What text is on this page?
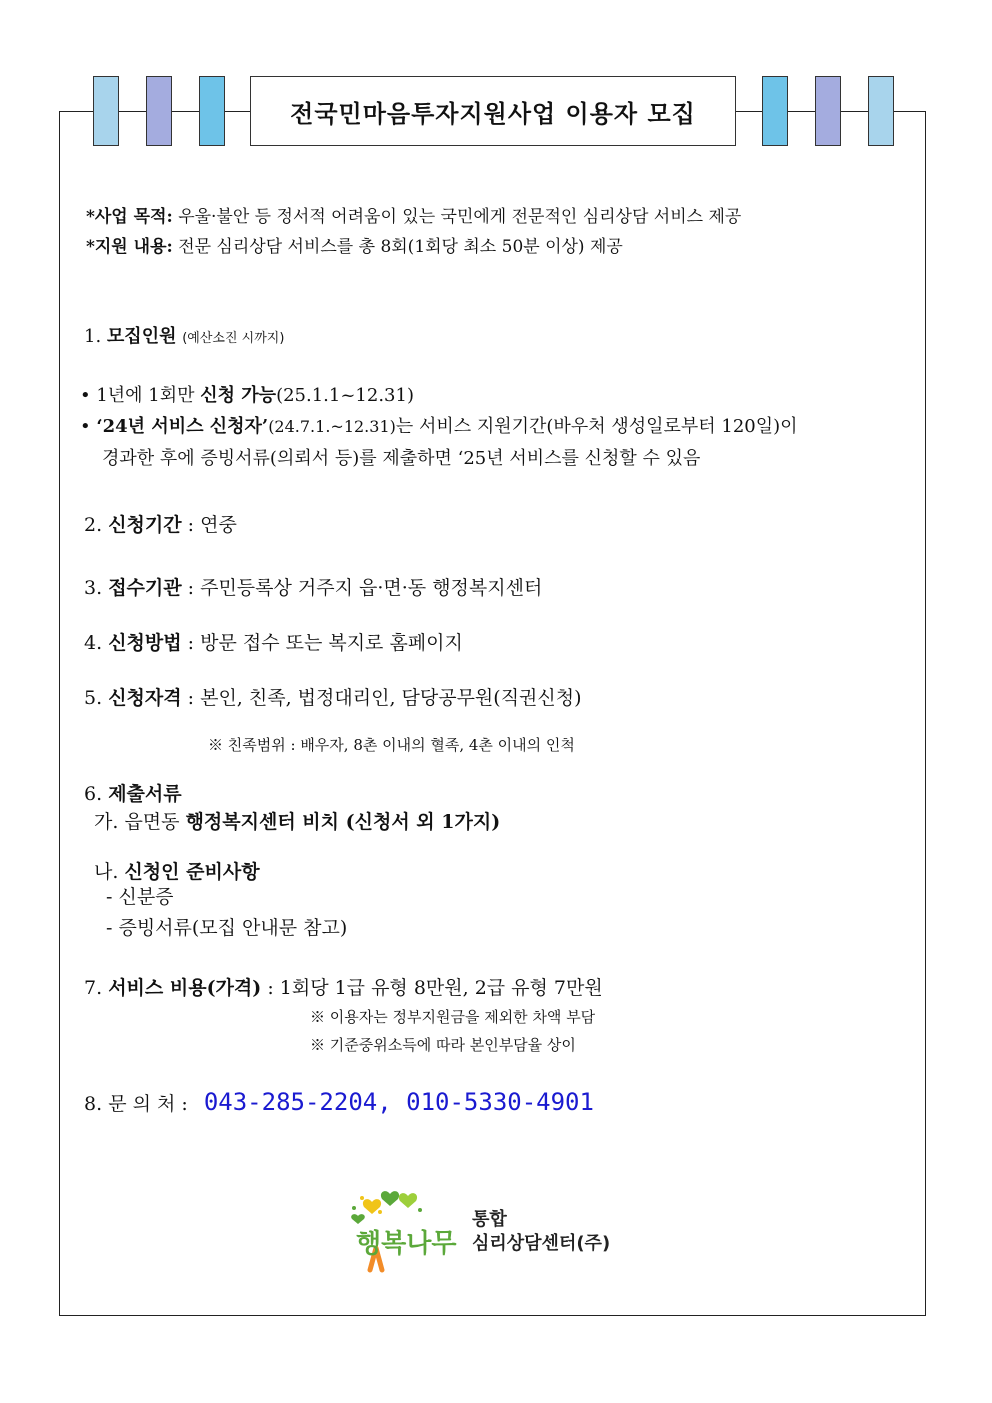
전국민마음투자지원사업 이용자 모집
*사업 목적: 우울·불안 등 정서적 어려움이 있는 국민에게 전문적인 심리상담 서비스 제공
*지원 내용: 전문 심리상담 서비스를 총 8회(1회당 최소 50분 이상) 제공
1. 모집인원 (예산소진 시까지)
• 1년에 1회만 신청 가능(25.1.1~12.31)
• ‘24년 서비스 신청자’(24.7.1.~12.31)는 서비스 지원기간(바우처 생성일로부터 120일)이
경과한 후에 증빙서류(의뢰서 등)를 제출하면 ‘25년 서비스를 신청할 수 있음
2. 신청기간 : 연중
3. 접수기관 : 주민등록상 거주지 읍·면·동 행정복지센터
4. 신청방법 : 방문 접수 또는 복지로 홈페이지
5. 신청자격 : 본인, 친족, 법정대리인, 담당공무원(직권신청)
※ 친족범위 : 배우자, 8촌 이내의 혈족, 4촌 이내의 인척
6. 제출서류
가. 읍면동 행정복지센터 비치 (신청서 외 1가지)
나. 신청인 준비사항
- 신분증
- 증빙서류(모집 안내문 참고)
7. 서비스 비용(가격) : 1회당 1급 유형 8만원, 2급 유형 7만원
※ 이용자는 정부지원금을 제외한 차액 부담
※ 기준중위소득에 따라 본인부담율 상이
8. 문 의 처 : 043-285-2204, 010-5330-4901
행복나무
통합
심리상담센터(주)
